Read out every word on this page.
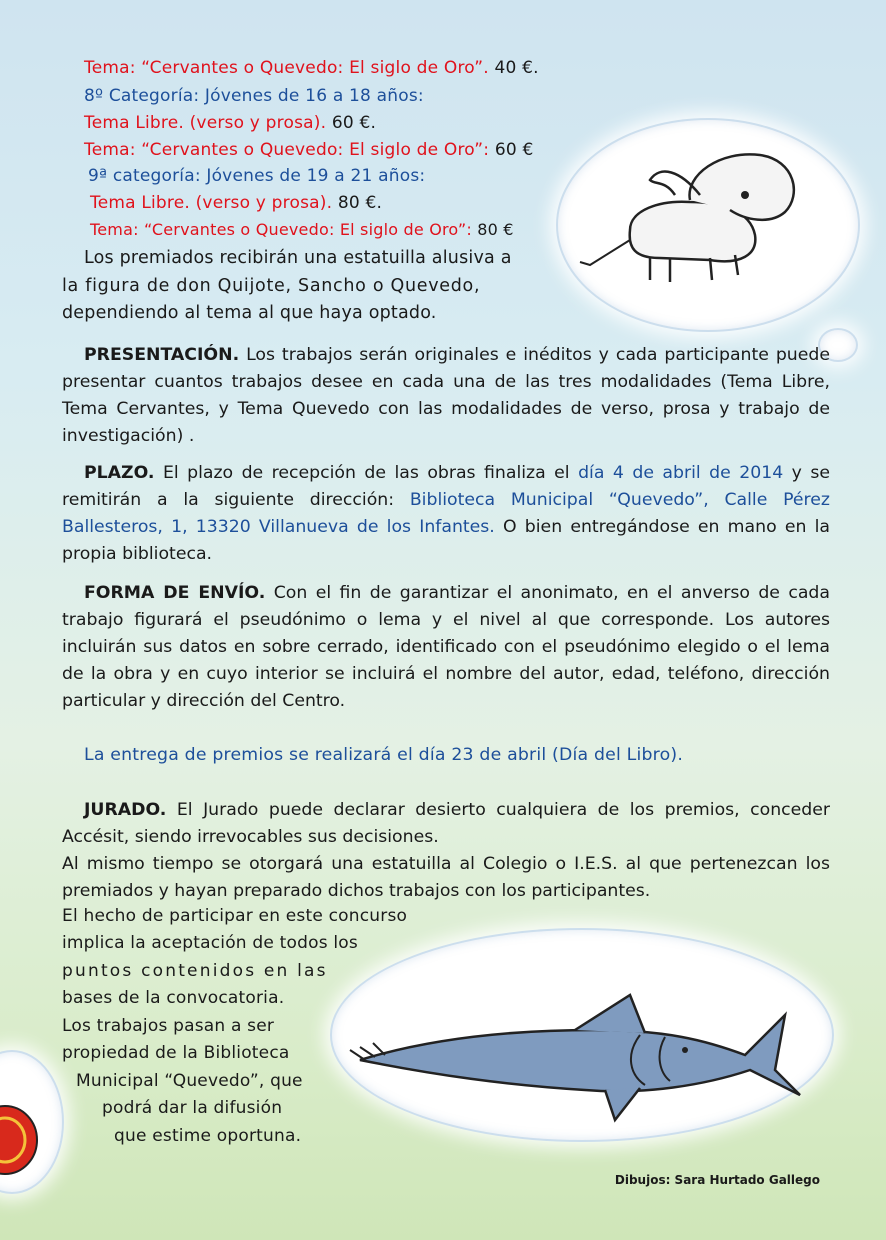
Tema: “Cervantes o Quevedo: El siglo de Oro”. 40 €.
8º Categoría: Jóvenes de 16 a 18 años:
Tema Libre. (verso y prosa). 60 €.
Tema: “Cervantes o Quevedo: El siglo de Oro”: 60 €
9ª categoría: Jóvenes de 19 a 21 años:
Tema Libre. (verso y prosa). 80 €.
Tema: “Cervantes o Quevedo: El siglo de Oro”: 80 €
Los premiados recibirán una estatuilla alusiva a
la figura de don Quijote, Sancho o Quevedo,
dependiendo al tema al que haya optado.

PRESENTACIÓN. Los trabajos serán originales e inéditos y cada participante puede presentar cuantos trabajos desee en cada una de las tres modalidades (Tema Libre, Tema Cervantes, y Tema Quevedo con las modalidades de verso, prosa y trabajo de investigación) .

PLAZO. El plazo de recepción de las obras finaliza el día 4 de abril de 2014 y se remitirán a la siguiente dirección: Biblioteca Municipal “Quevedo”, Calle Pérez Ballesteros, 1, 13320 Villanueva de los Infantes. O bien entregándose en mano en la propia biblioteca.

FORMA DE ENVÍO. Con el fin de garantizar el anonimato, en el anverso de cada trabajo figurará el pseudónimo o lema y el nivel al que corresponde. Los autores incluirán sus datos en sobre cerrado, identificado con el pseudónimo elegido o el lema de la obra y en cuyo interior se incluirá el nombre del autor, edad, teléfono, dirección particular y dirección del Centro.

La entrega de premios se realizará el día 23 de abril (Día del Libro).

JURADO. El Jurado puede declarar desierto cualquiera de los premios, conceder Accésit, siendo irrevocables sus decisiones.

Al mismo tiempo se otorgará una estatuilla al Colegio o I.E.S. al que pertenezcan los premiados y hayan preparado dichos trabajos con los participantes.

El hecho de participar en este concurso
implica la aceptación de todos los
puntos contenidos en las
bases de la convocatoria.
Los trabajos pasan a ser
propiedad de la Biblioteca
Municipal “Quevedo”, que
podrá dar la difusión
que estime oportuna.
Dibujos: Sara Hurtado Gallego
